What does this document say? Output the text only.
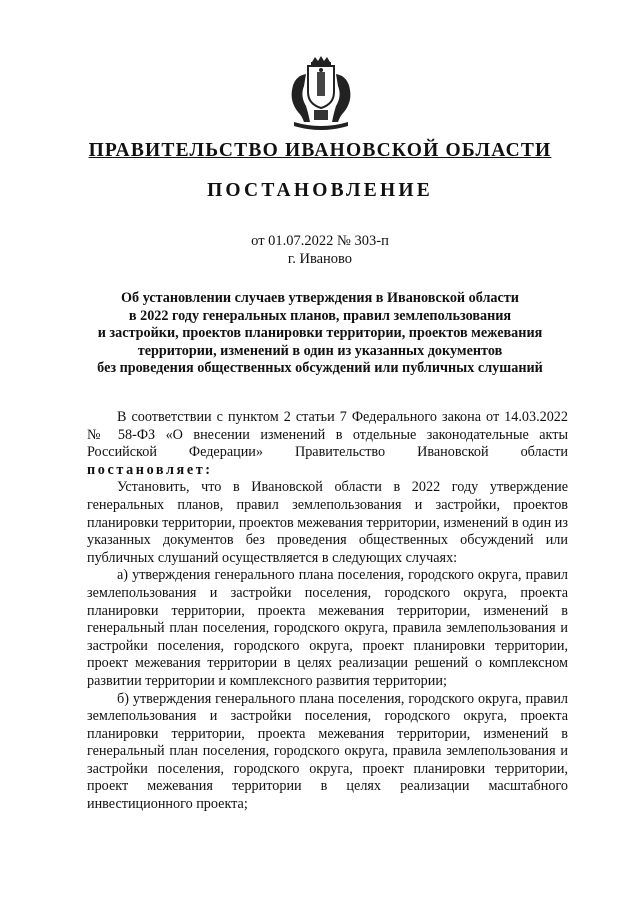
ПРАВИТЕЛЬСТВО ИВАНОВСКОЙ ОБЛАСТИ
ПОСТАНОВЛЕНИЕ
от 01.07.2022 № 303-п
г. Иваново
Об установлении случаев утверждения в Ивановской области
в 2022 году генеральных планов, правил землепользования
и застройки, проектов планировки территории, проектов межевания
территории, изменений в один из указанных документов
без проведения общественных обсуждений или публичных слушаний

В соответствии с пунктом 2 статьи 7 Федерального закона от 14.03.2022 № 58-ФЗ «О внесении изменений в отдельные законодательные акты Российской Федерации» Правительство Ивановской области постановляет:

Установить, что в Ивановской области в 2022 году утверждение генеральных планов, правил землепользования и застройки, проектов планировки территории, проектов межевания территории, изменений в один из указанных документов без проведения общественных обсуждений или публичных слушаний осуществляется в следующих случаях:

а) утверждения генерального плана поселения, городского округа, правил землепользования и застройки поселения, городского округа, проекта планировки территории, проекта межевания территории, изменений в генеральный план поселения, городского округа, правила землепользования и застройки поселения, городского округа, проект планировки территории, проект межевания территории в целях реализации решений о комплексном развитии территории и комплексного развития территории;

б) утверждения генерального плана поселения, городского округа, правил землепользования и застройки поселения, городского округа, проекта планировки территории, проекта межевания территории, изменений в генеральный план поселения, городского округа, правила землепользования и застройки поселения, городского округа, проект планировки территории, проект межевания территории в целях реализации масштабного инвестиционного проекта;
